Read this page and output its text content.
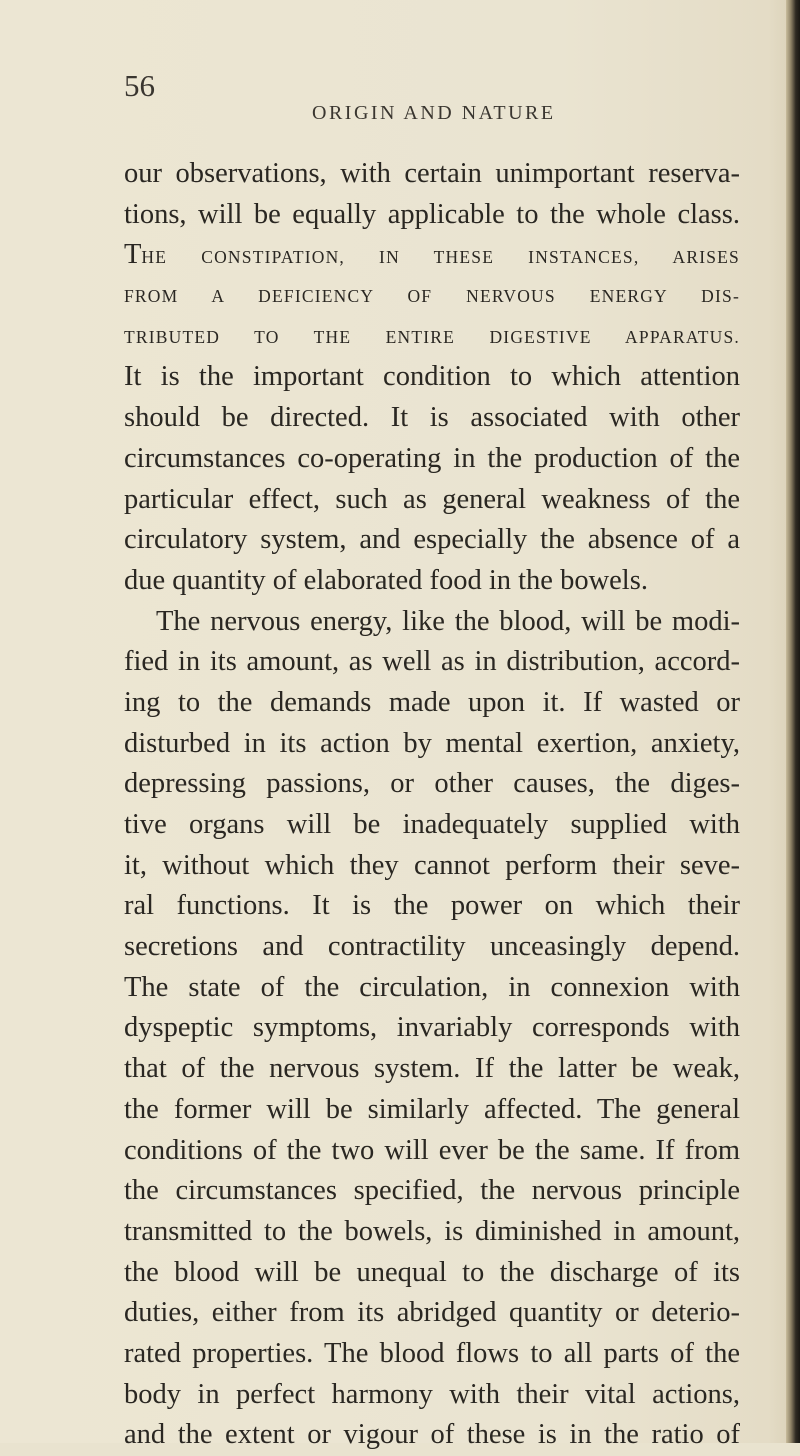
56
ORIGIN AND NATURE
our observations, with certain unimportant reserva-
tions, will be equally applicable to the whole class.
THE CONSTIPATION, IN THESE INSTANCES, ARISES
FROM A DEFICIENCY OF NERVOUS ENERGY DIS-
TRIBUTED TO THE ENTIRE DIGESTIVE APPARATUS.
It is the important condition to which attention
should be directed. It is associated with other
circumstances co-operating in the production of the
particular effect, such as general weakness of the
circulatory system, and especially the absence of a
due quantity of elaborated food in the bowels.
The nervous energy, like the blood, will be modi-
fied in its amount, as well as in distribution, accord-
ing to the demands made upon it. If wasted or
disturbed in its action by mental exertion, anxiety,
depressing passions, or other causes, the diges-
tive organs will be inadequately supplied with
it, without which they cannot perform their seve-
ral functions. It is the power on which their
secretions and contractility unceasingly depend.
The state of the circulation, in connexion with
dyspeptic symptoms, invariably corresponds with
that of the nervous system. If the latter be weak,
the former will be similarly affected. The general
conditions of the two will ever be the same. If from
the circumstances specified, the nervous principle
transmitted to the bowels, is diminished in amount,
the blood will be unequal to the discharge of its
duties, either from its abridged quantity or deterio-
rated properties. The blood flows to all parts of the
body in perfect harmony with their vital actions,
and the extent or vigour of these is in the ratio of
